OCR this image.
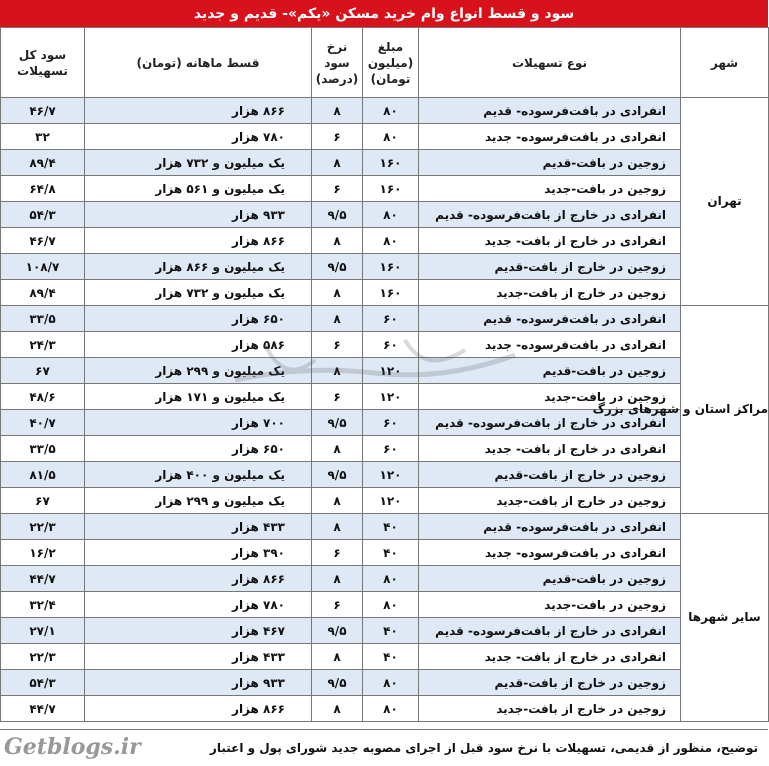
سود و قسط انواع وام خرید مسکن «یکم»- قدیم و جدید
شهر	نوع تسهیلات	مبلغ (میلیون تومان)	نرخ سود (درصد)	قسط ماهانه (تومان)	سود کل تسهیلات
تهران	انفرادی در بافت‌فرسوده- قدیم	۸۰	۸	۸۶۶ هزار	۴۶/۷
	انفرادی در بافت‌فرسوده- جدید	۸۰	۶	۷۸۰ هزار	۳۲
	زوجین در بافت-قدیم	۱۶۰	۸	یک میلیون و ۷۳۲ هزار	۸۹/۴
	زوجین در بافت-جدید	۱۶۰	۶	یک میلیون و ۵۶۱ هزار	۶۴/۸
	انفرادی در خارج از بافت‌فرسوده- قدیم	۸۰	۹/۵	۹۳۳ هزار	۵۴/۳
	انفرادی در خارج از بافت- جدید	۸۰	۸	۸۶۶ هزار	۴۶/۷
	زوجین در خارج از بافت-قدیم	۱۶۰	۹/۵	یک میلیون و ۸۶۶ هزار	۱۰۸/۷
	زوجین در خارج از بافت-جدید	۱۶۰	۸	یک میلیون و ۷۳۲ هزار	۸۹/۴
مراکز استان و شهرهای بزرگ	انفرادی در بافت‌فرسوده- قدیم	۶۰	۸	۶۵۰ هزار	۳۳/۵
	انفرادی در بافت‌فرسوده- جدید	۶۰	۶	۵۸۶ هزار	۲۴/۳
	زوجین در بافت-قدیم	۱۲۰	۸	یک میلیون و ۲۹۹ هزار	۶۷
	زوجین در بافت-جدید	۱۲۰	۶	یک میلیون و ۱۷۱ هزار	۴۸/۶
	انفرادی در خارج از بافت‌فرسوده- قدیم	۶۰	۹/۵	۷۰۰ هزار	۴۰/۷
	انفرادی در خارج از بافت- جدید	۶۰	۸	۶۵۰ هزار	۳۳/۵
	زوجین در خارج از بافت-قدیم	۱۲۰	۹/۵	یک میلیون و ۴۰۰ هزار	۸۱/۵
	زوجین در خارج از بافت-جدید	۱۲۰	۸	یک میلیون و ۲۹۹ هزار	۶۷
سایر شهرها	انفرادی در بافت‌فرسوده- قدیم	۴۰	۸	۴۳۳ هزار	۲۲/۳
	انفرادی در بافت‌فرسوده- جدید	۴۰	۶	۳۹۰ هزار	۱۶/۲
	زوجین در بافت-قدیم	۸۰	۸	۸۶۶ هزار	۴۴/۷
	زوجین در بافت-جدید	۸۰	۶	۷۸۰ هزار	۳۲/۴
	انفرادی در خارج از بافت‌فرسوده- قدیم	۴۰	۹/۵	۴۶۷ هزار	۲۷/۱
	انفرادی در خارج از بافت- جدید	۴۰	۸	۴۳۳ هزار	۲۲/۳
	زوجین در خارج از بافت-قدیم	۸۰	۹/۵	۹۳۳ هزار	۵۴/۳
	زوجین در خارج از بافت-جدید	۸۰	۸	۸۶۶ هزار	۴۴/۷
توضیح، منظور از قدیمی، تسهیلات با نرخ سود قبل از اجرای مصوبه جدید شورای پول و اعتبار
Getblogs.ir
